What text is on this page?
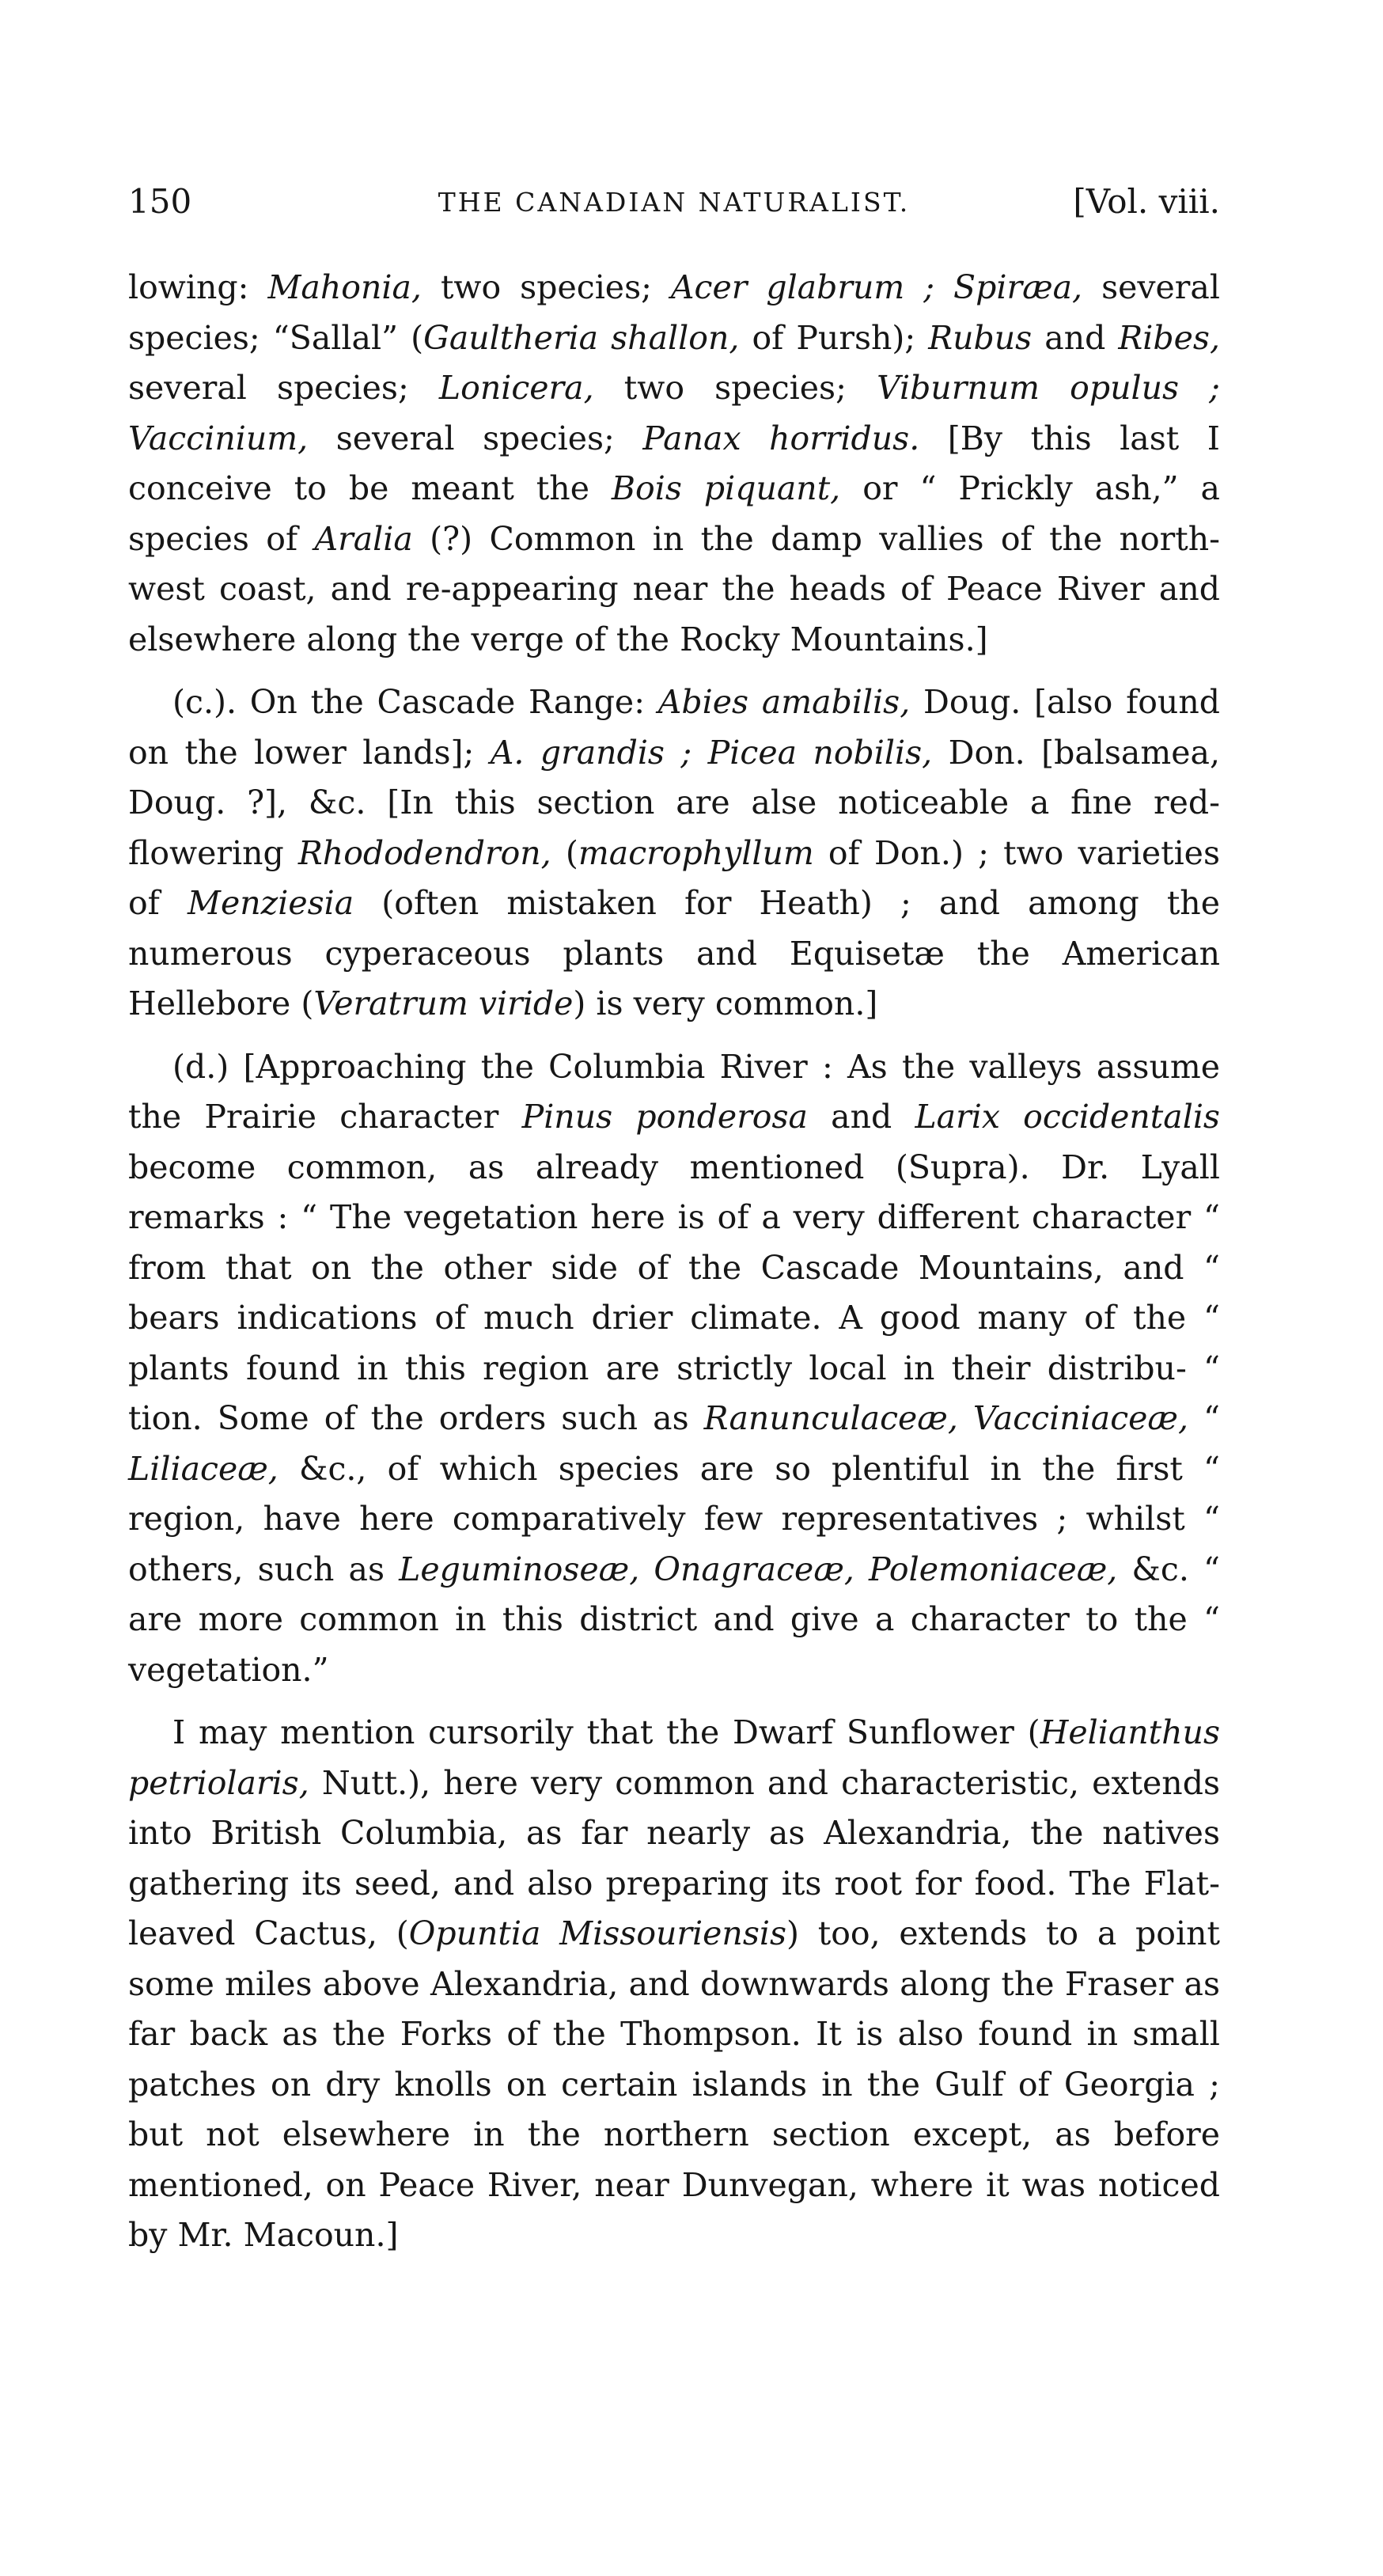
150	THE CANADIAN NATURALIST.	[Vol. viii.

lowing: Mahonia, two species; Acer glabrum ; Spiræa, several species; “Sallal” (Gaultheria shallon, of Pursh); Rubus and Ribes, several species; Lonicera, two species; Viburnum opulus ; Vaccinium, several species; Panax horridus. [By this last I conceive to be meant the Bois piquant, or “ Prickly ash,” a species of Aralia (?) Common in the damp vallies of the north-west coast, and re-appearing near the heads of Peace River and elsewhere along the verge of the Rocky Mountains.]

(c.). On the Cascade Range: Abies amabilis, Doug. [also found on the lower lands]; A. grandis ; Picea nobilis, Don. [balsamea, Doug. ?], &c. [In this section are alse noticeable a fine red-flowering Rhododendron, (macrophyllum of Don.) ; two varieties of Menziesia (often mistaken for Heath) ; and among the numerous cyperaceous plants and Equisetæ the American Hellebore (Veratrum viride) is very common.]

(d.) [Approaching the Columbia River : As the valleys assume the Prairie character Pinus ponderosa and Larix occidentalis become common, as already mentioned (Supra). Dr. Lyall remarks : “ The vegetation here is of a very different character “ from that on the other side of the Cascade Mountains, and “ bears indications of much drier climate. A good many of the “ plants found in this region are strictly local in their distribu- “ tion. Some of the orders such as Ranunculaceæ, Vacciniaceæ, “ Liliaceæ, &c., of which species are so plentiful in the first “ region, have here comparatively few representatives ; whilst “ others, such as Leguminoseæ, Onagraceæ, Polemoniaceæ, &c. “ are more common in this district and give a character to the “ vegetation.”

I may mention cursorily that the Dwarf Sunflower (Helianthus petriolaris, Nutt.), here very common and characteristic, extends into British Columbia, as far nearly as Alexandria, the natives gathering its seed, and also preparing its root for food. The Flat-leaved Cactus, (Opuntia Missouriensis) too, extends to a point some miles above Alexandria, and downwards along the Fraser as far back as the Forks of the Thompson. It is also found in small patches on dry knolls on certain islands in the Gulf of Georgia ; but not elsewhere in the northern section except, as before mentioned, on Peace River, near Dunvegan, where it was noticed by Mr. Macoun.]
